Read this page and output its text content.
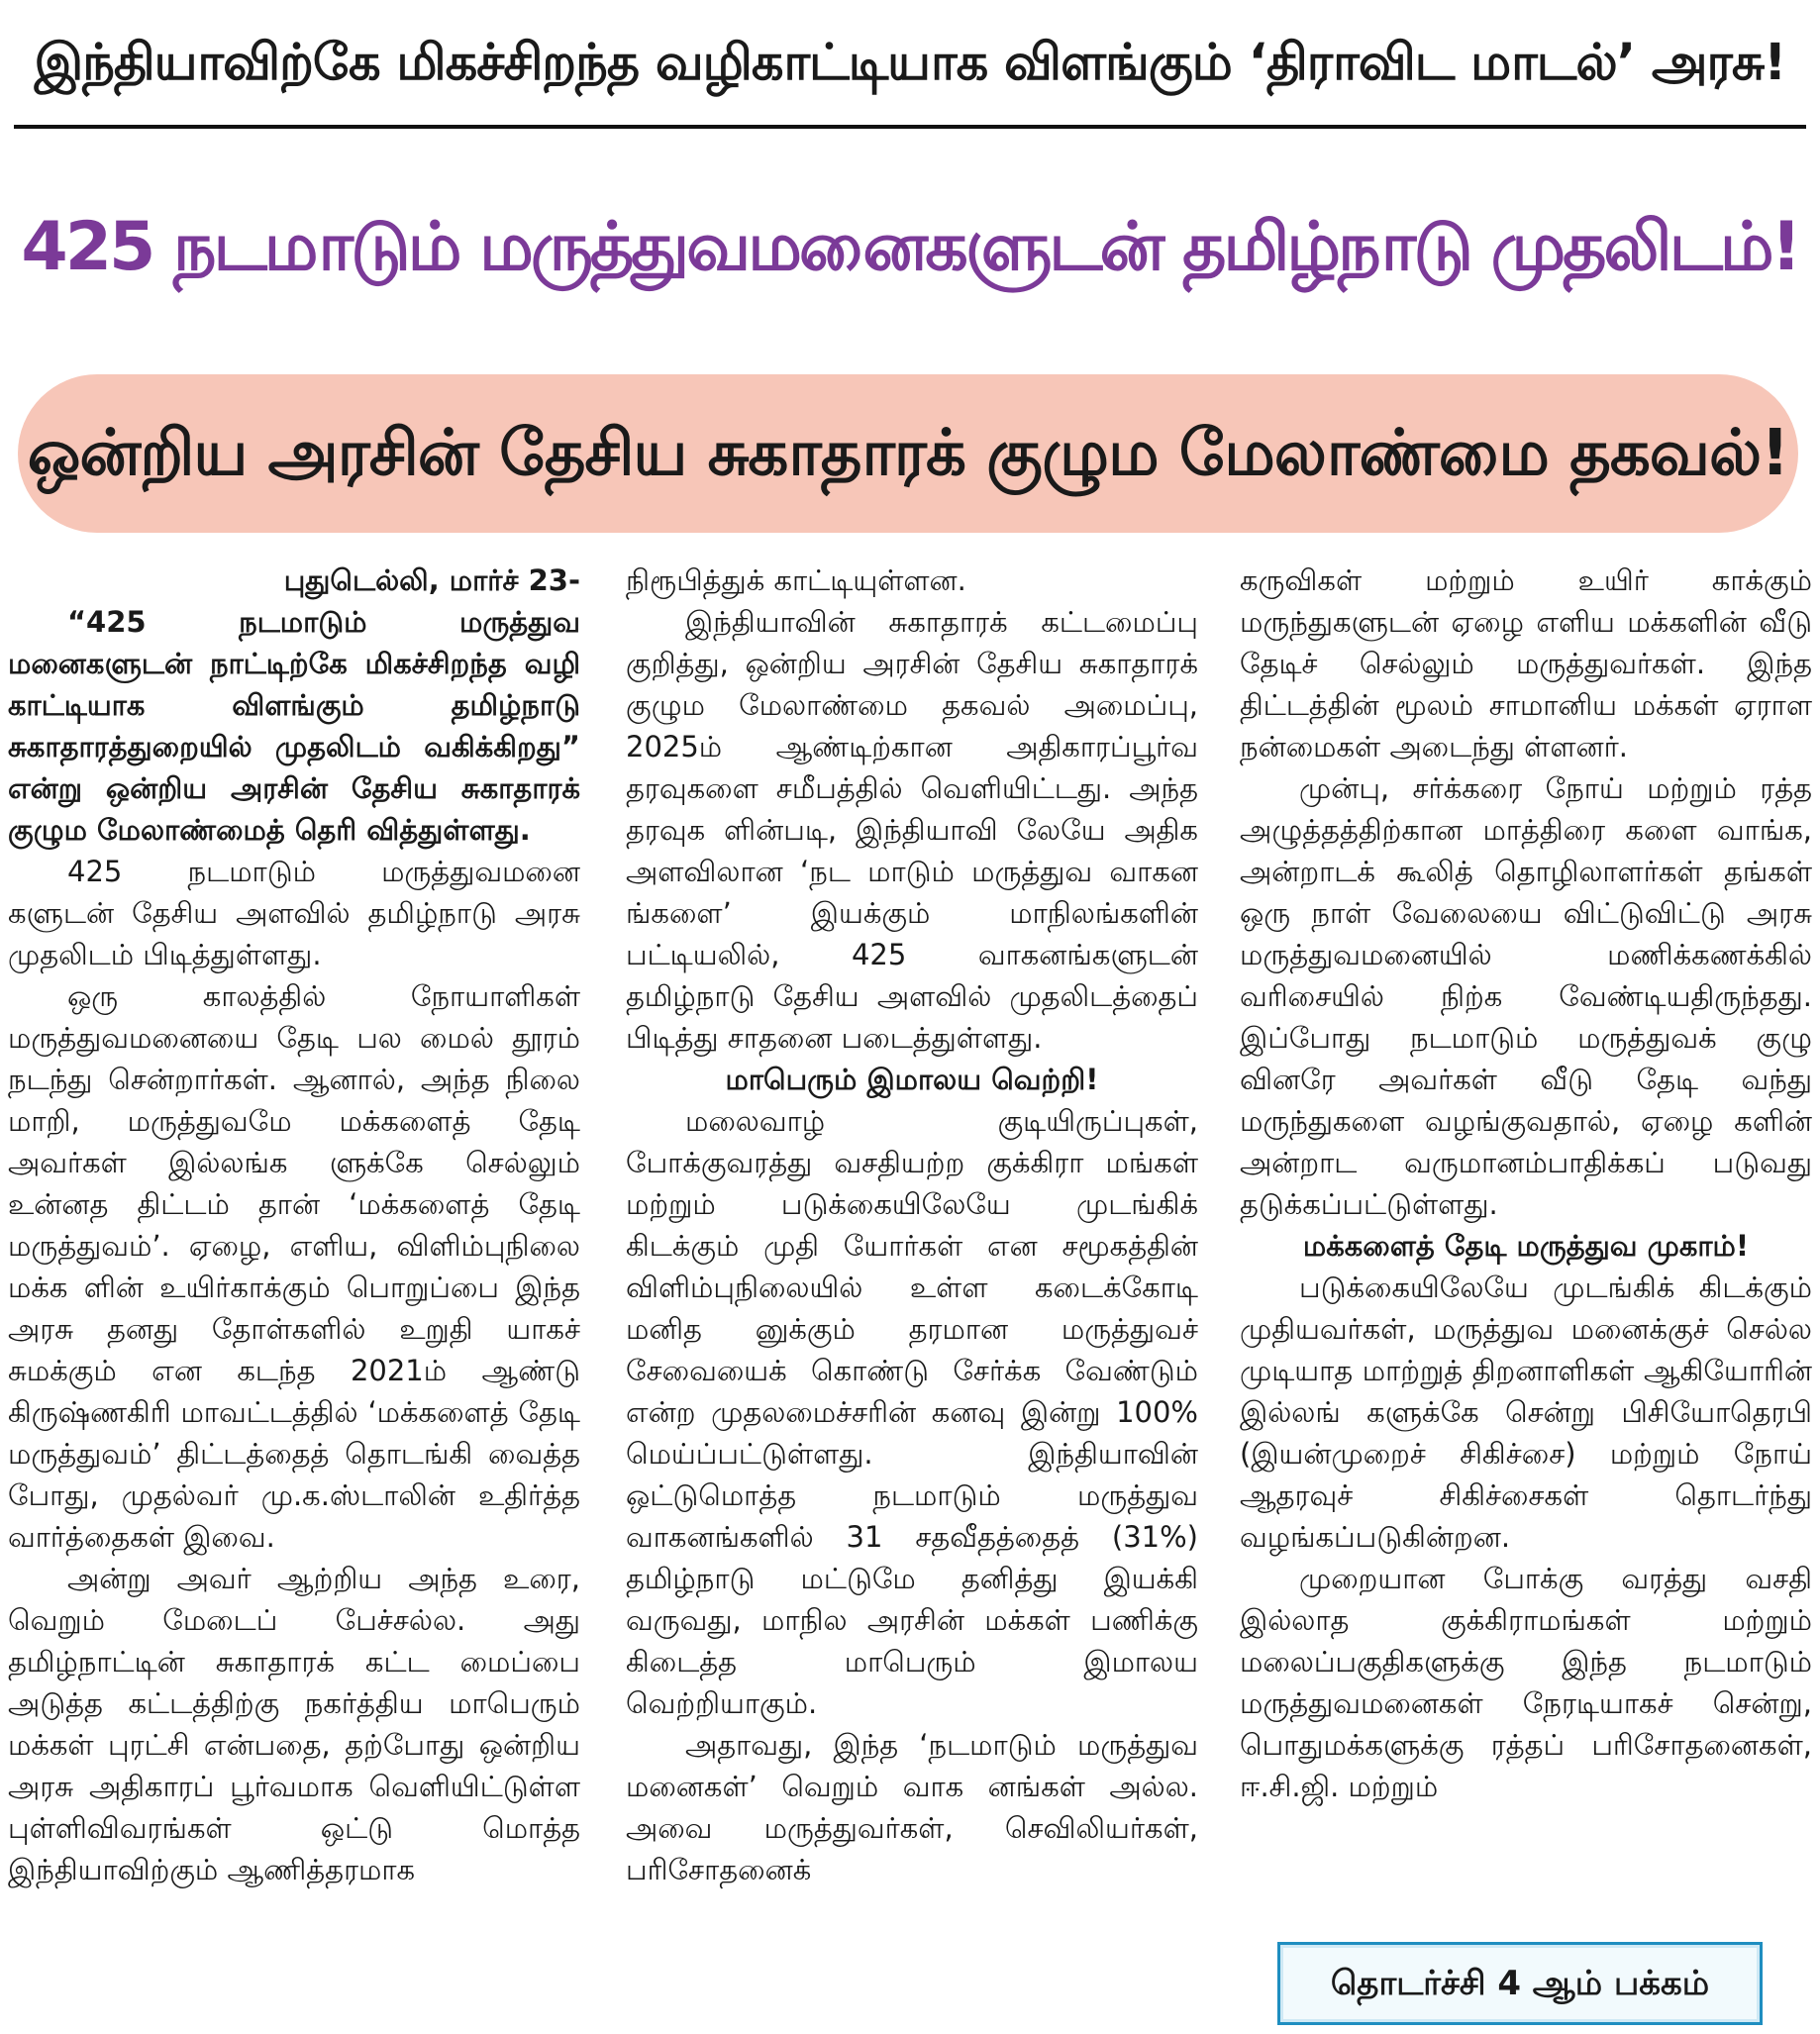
இந்தியாவிற்கே மிகச்சிறந்த வழிகாட்டியாக விளங்கும் ‘திராவிட மாடல்’ அரசு!
425 நடமாடும் மருத்துவமனைகளுடன் தமிழ்நாடு முதலிடம்!
ஒன்றிய அரசின் தேசிய சுகாதாரக் குழும மேலாண்மை தகவல்!

புதுடெல்லி, மார்ச் 23-

“425 நடமாடும் மருத்துவ மனைகளுடன் நாட்டிற்கே மிகச்சிறந்த வழி காட்டியாக விளங்கும் தமிழ்நாடு சுகாதாரத்துறையில் முதலிடம் வகிக்கிறது” என்று ஒன்றிய அரசின் தேசிய சுகாதாரக் குழும மேலாண்மைத் தெரி வித்துள்ளது.

425 நடமாடும் மருத்துவமனை களுடன் தேசிய அளவில் தமிழ்நாடு அரசு முதலிடம் பிடித்துள்ளது.

ஒரு காலத்தில் நோயாளிகள் மருத்துவமனையை தேடி பல மைல் தூரம் நடந்து சென்றார்கள். ஆனால், அந்த நிலை மாறி, மருத்துவமே மக்களைத் தேடி அவர்கள் இல்லங்க ளுக்கே செல்லும் உன்னத திட்டம் தான் ‘மக்களைத் தேடி மருத்துவம்’. ஏழை, எளிய, விளிம்புநிலை மக்க ளின் உயிர்காக்கும் பொறுப்பை இந்த அரசு தனது தோள்களில் உறுதி யாகச் சுமக்கும் என கடந்த 2021ம் ஆண்டு கிருஷ்ணகிரி மாவட்டத்தில் ‘மக்களைத் தேடி மருத்துவம்’ திட்டத்தைத் தொடங்கி வைத்த போது, முதல்வர் மு.க.ஸ்டாலின் உதிர்த்த வார்த்தைகள் இவை.

அன்று அவர் ஆற்றிய அந்த உரை, வெறும் மேடைப் பேச்சல்ல. அது தமிழ்நாட்டின் சுகாதாரக் கட்ட மைப்பை அடுத்த கட்டத்திற்கு நகர்த்திய மாபெரும் மக்கள் புரட்சி என்பதை, தற்போது ஒன்றிய அரசு அதிகாரப் பூர்வமாக வெளியிட்டுள்ள புள்ளிவிவரங்கள் ஒட்டு மொத்த இந்தியாவிற்கும் ஆணித்தரமாக

நிரூபித்துக் காட்டியுள்ளன.

இந்தியாவின் சுகாதாரக் கட்டமைப்பு குறித்து, ஒன்றிய அரசின் தேசிய சுகாதாரக் குழும மேலாண்மை தகவல் அமைப்பு, 2025ம் ஆண்டிற்கான அதிகாரப்பூர்வ தரவுகளை சமீபத்தில் வெளியிட்டது. அந்த தரவுக ளின்படி, இந்தியாவி லேயே அதிக அளவிலான ‘நட மாடும் மருத்துவ வாகன ங்களை’ இயக்கும் மாநிலங்களின் பட்டியலில், 425 வாகனங்களுடன் தமிழ்நாடு தேசிய அளவில் முதலிடத்தைப் பிடித்து சாதனை படைத்துள்ளது.

மாபெரும் இமாலய வெற்றி!

மலைவாழ் குடியிருப்புகள், போக்குவரத்து வசதியற்ற குக்கிரா மங்கள் மற்றும் படுக்கையிலேயே முடங்கிக் கிடக்கும் முதி யோர்கள் என சமூகத்தின் விளிம்புநிலையில் உள்ள கடைக்கோடி மனித னுக்கும் தரமான மருத்துவச் சேவையைக் கொண்டு சேர்க்க வேண்டும் என்ற முதலமைச்சரின் கனவு இன்று 100% மெய்ப்பட்டுள்ளது. இந்தியாவின் ஒட்டுமொத்த நடமாடும் மருத்துவ வாகனங்களில் 31 சதவீதத்தைத் (31%) தமிழ்நாடு மட்டுமே தனித்து இயக்கி வருவது, மாநில அரசின் மக்கள் பணிக்கு கிடைத்த மாபெரும் இமாலய வெற்றியாகும்.

அதாவது, இந்த ‘நடமாடும் மருத்துவ மனைகள்’ வெறும் வாக னங்கள் அல்ல. அவை மருத்துவர்கள், செவிலியர்கள், பரிசோதனைக்

கருவிகள் மற்றும் உயிர் காக்கும் மருந்துகளுடன் ஏழை எளிய மக்களின் வீடு தேடிச் செல்லும் மருத்துவர்கள். இந்த திட்டத்தின் மூலம் சாமானிய மக்கள் ஏராள நன்மைகள் அடைந்து ள்ளனர்.

முன்பு, சர்க்கரை நோய் மற்றும் ரத்த அழுத்தத்திற்கான மாத்திரை களை வாங்க, அன்றாடக் கூலித் தொழிலாளர்கள் தங்கள் ஒரு நாள் வேலையை விட்டுவிட்டு அரசு மருத்துவமனையில் மணிக்கணக்கில் வரிசையில் நிற்க வேண்டியதிருந்தது. இப்போது நடமாடும் மருத்துவக் குழு வினரே அவர்கள் வீடு தேடி வந்து மருந்துகளை வழங்குவதால், ஏழை களின் அன்றாட வருமானம்பாதிக்கப் படுவது தடுக்கப்பட்டுள்ளது.

மக்களைத் தேடி மருத்துவ முகாம்!

படுக்கையிலேயே முடங்கிக் கிடக்கும் முதியவர்கள், மருத்துவ மனைக்குச் செல்ல முடியாத மாற்றுத் திறனாளிகள் ஆகியோரின் இல்லங் களுக்கே சென்று பிசியோதெரபி (இயன்முறைச் சிகிச்சை) மற்றும் நோய் ஆதரவுச் சிகிச்சைகள் தொடர்ந்து வழங்கப்படுகின்றன.

முறையான போக்கு வரத்து வசதி இல்லாத குக்கிராமங்கள் மற்றும் மலைப்பகுதிகளுக்கு இந்த நடமாடும் மருத்துவமனைகள் நேரடியாகச் சென்று, பொதுமக்களுக்கு ரத்தப் பரிசோதனைகள், ஈ.சி.ஜி. மற்றும்

தொடர்ச்சி 4 ஆம் பக்கம்
